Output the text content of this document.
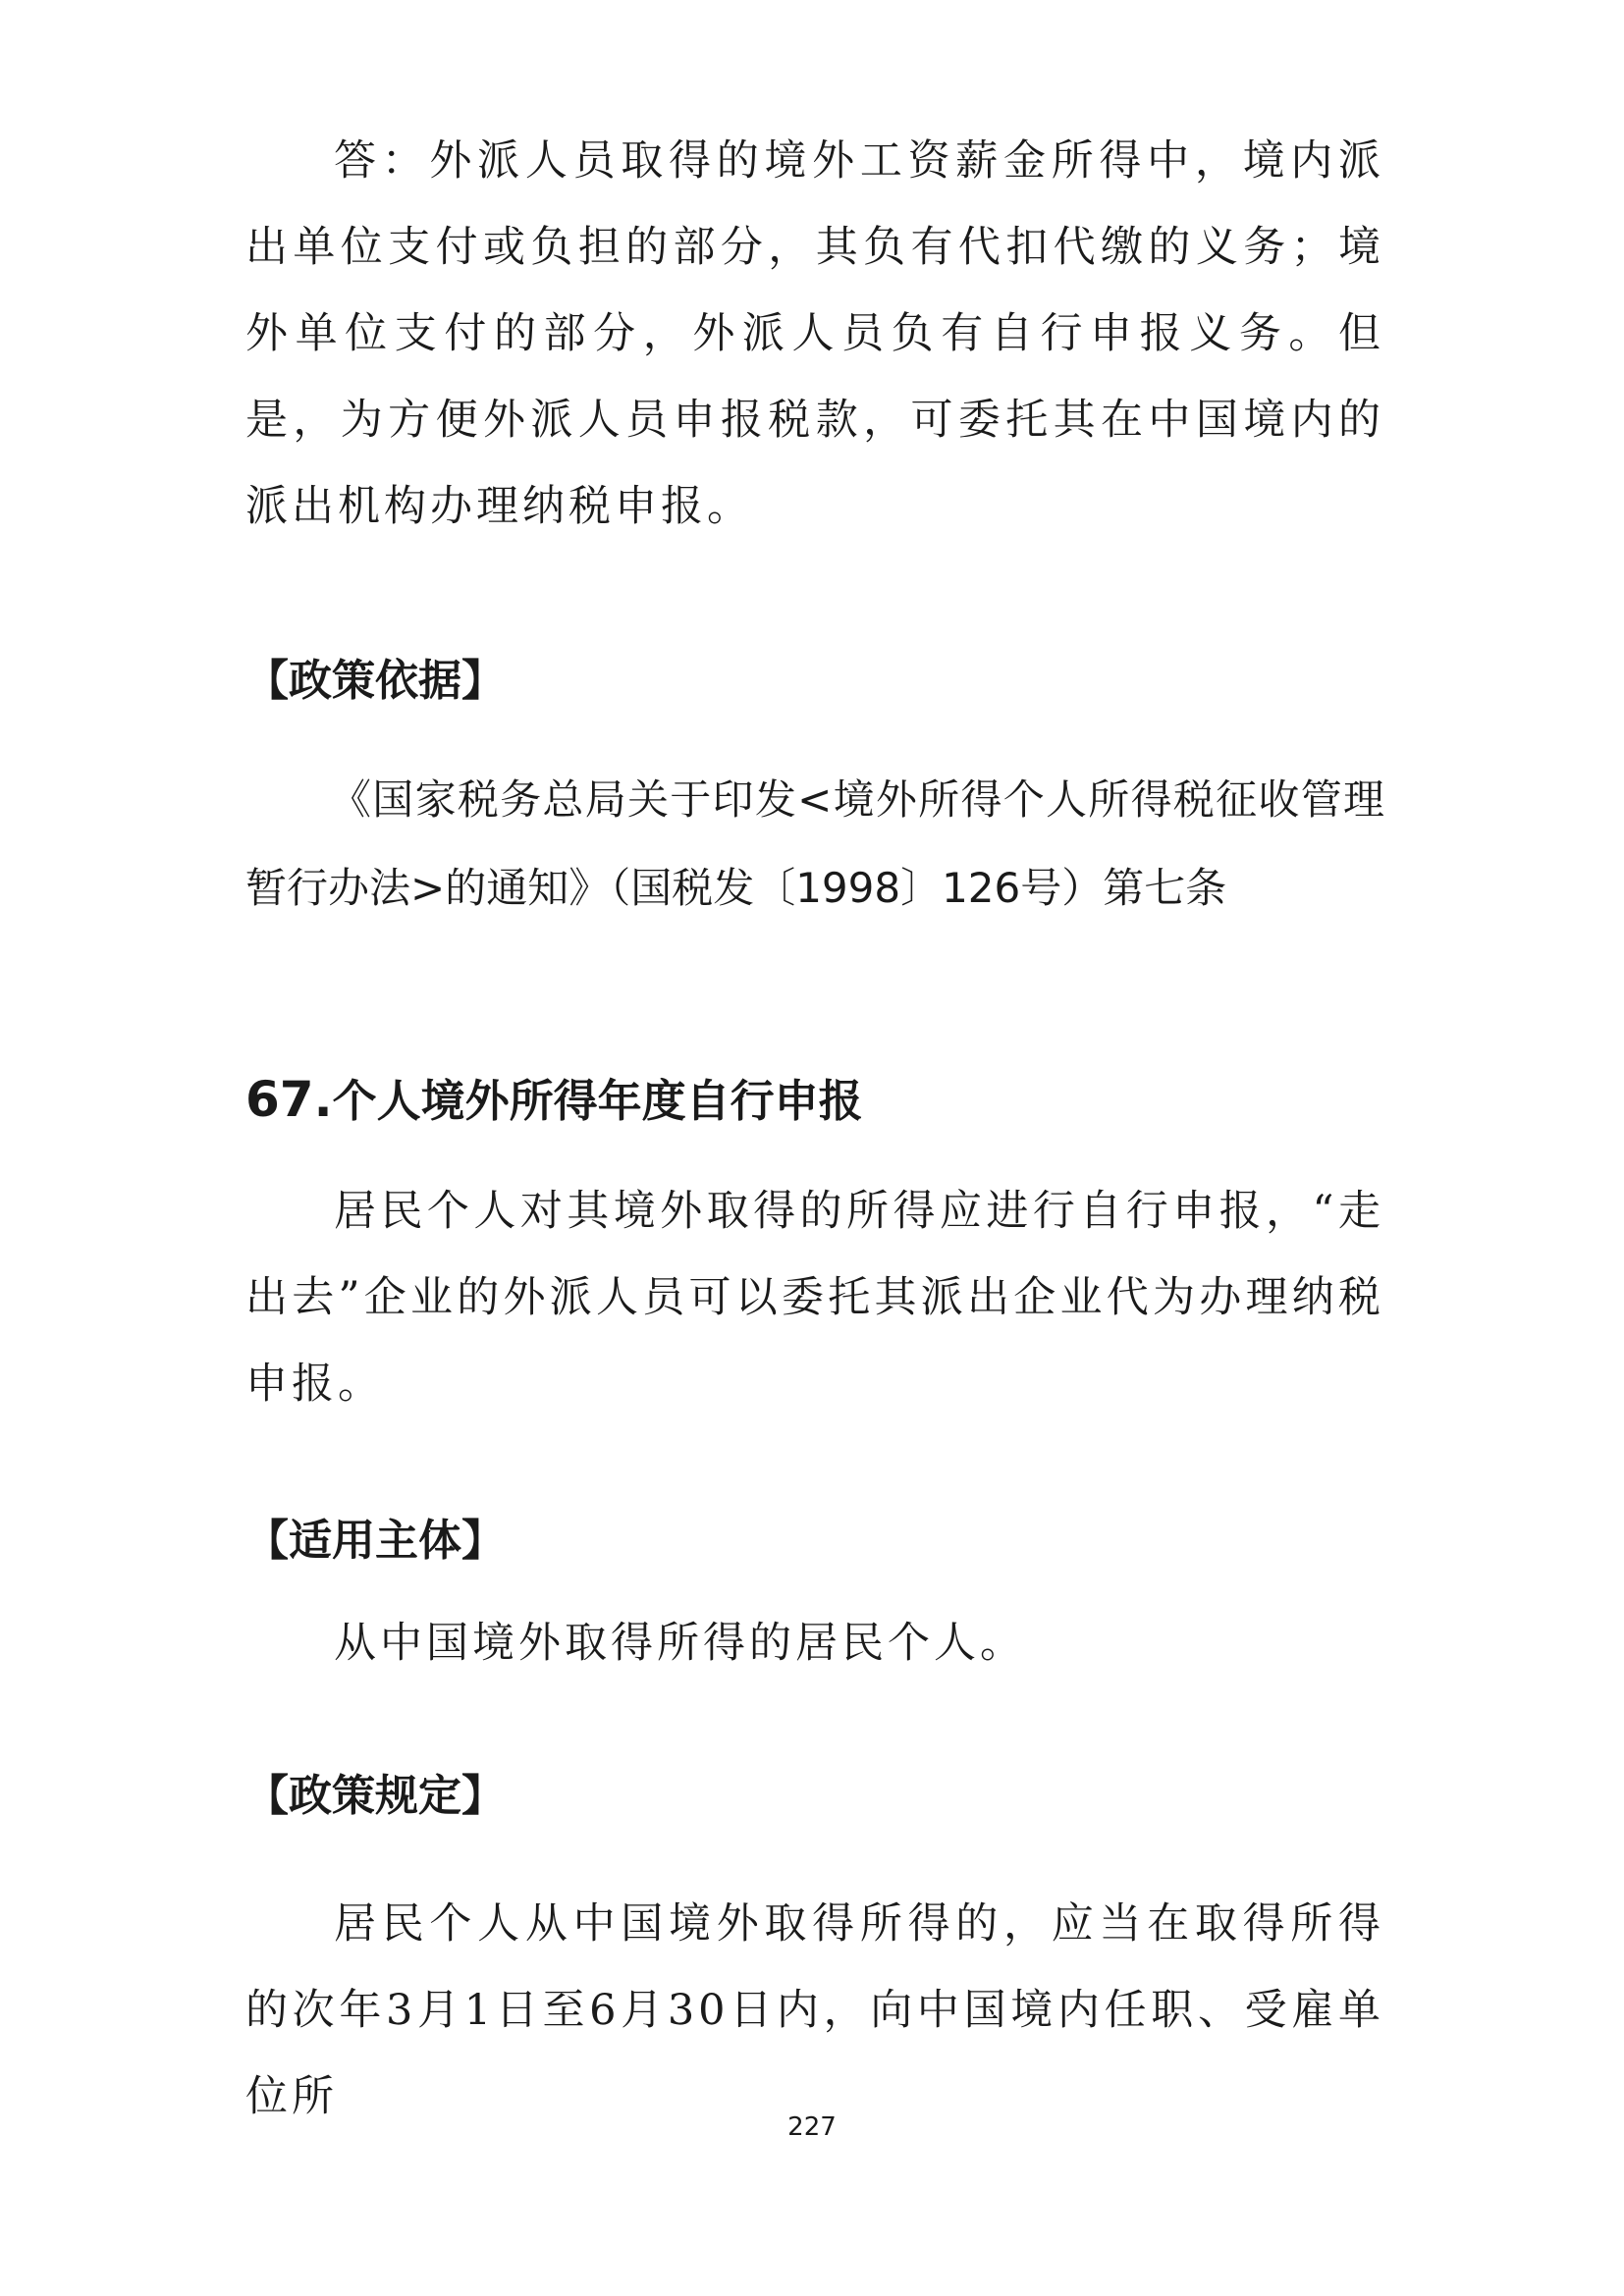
答：外派人员取得的境外工资薪金所得中，境内派出单位支付或负担的部分，其负有代扣代缴的义务；境外单位支付的部分，外派人员负有自行申报义务。但是，为方便外派人员申报税款，可委托其在中国境内的派出机构办理纳税申报。

【政策依据】

《国家税务总局关于印发<境外所得个人所得税征收管理暂行办法>的通知》（国税发〔1998〕126号）第七条

67.个人境外所得年度自行申报

居民个人对其境外取得的所得应进行自行申报，“走出去”企业的外派人员可以委托其派出企业代为办理纳税申报。

【适用主体】

从中国境外取得所得的居民个人。

【政策规定】

居民个人从中国境外取得所得的，应当在取得所得的次年3月1日至6月30日内，向中国境内任职、受雇单位所

227
